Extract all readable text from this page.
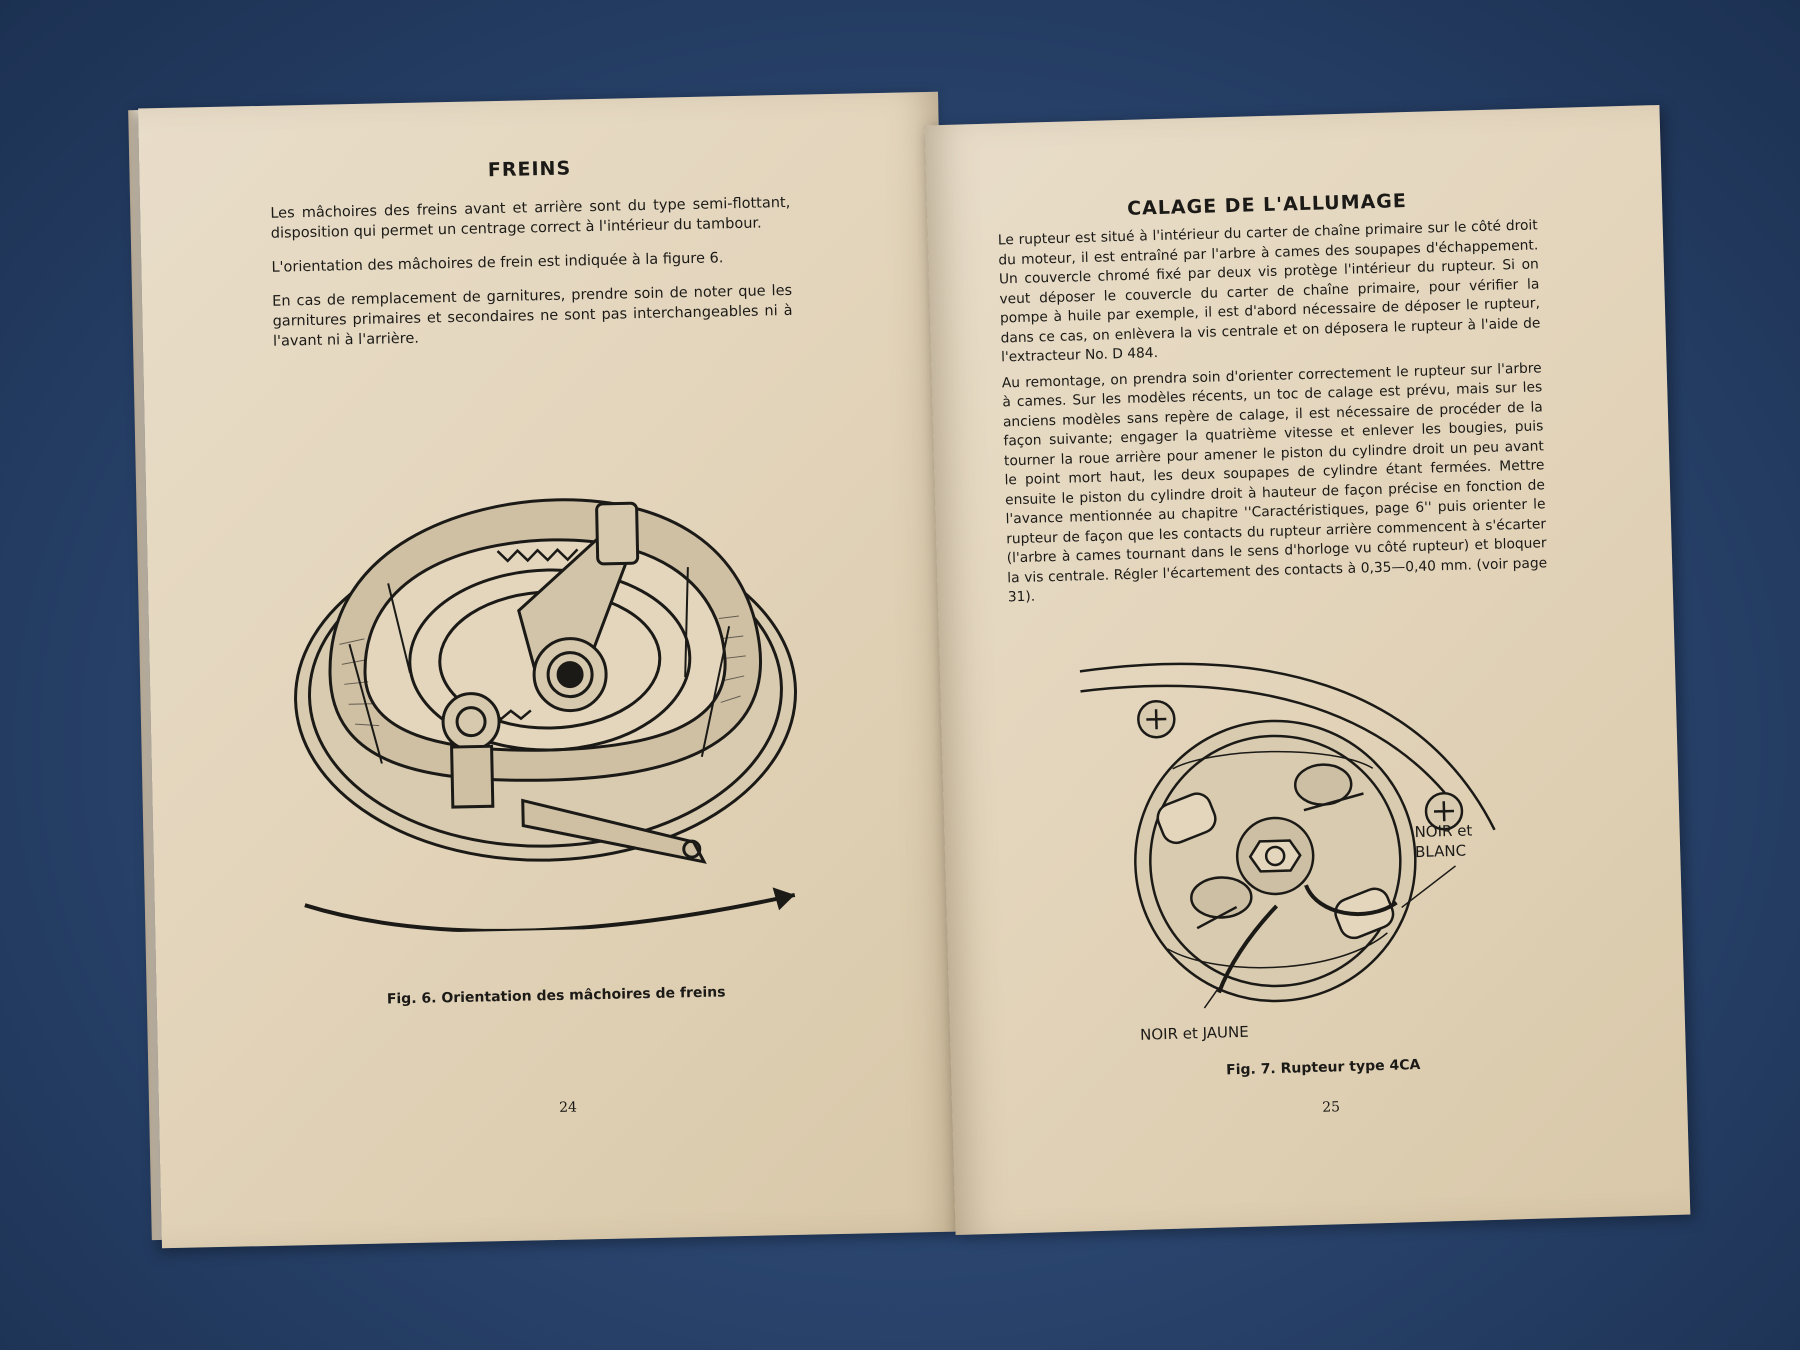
FREINS

Les mâchoires des freins avant et arrière sont du type semi-flottant, disposition qui permet un centrage correct à l'intérieur du tambour.

L'orientation des mâchoires de frein est indiquée à la figure 6.

En cas de remplacement de garnitures, prendre soin de noter que les garnitures primaires et secondaires ne sont pas interchangeables ni à l'avant ni à l'arrière.

Fig. 6. Orientation des mâchoires de freins
24
CALAGE DE L'ALLUMAGE

Le rupteur est situé à l'intérieur du carter de chaîne primaire sur le côté droit du moteur, il est entraîné par l'arbre à cames des soupapes d'échappement. Un couvercle chromé fixé par deux vis protège l'intérieur du rupteur. Si on veut déposer le couvercle du carter de chaîne primaire, pour vérifier la pompe à huile par exemple, il est d'abord nécessaire de déposer le rupteur, dans ce cas, on enlèvera la vis centrale et on déposera le rupteur à l'aide de l'extracteur No. D 484.

Au remontage, on prendra soin d'orienter correctement le rupteur sur l'arbre à cames. Sur les modèles récents, un toc de calage est prévu, mais sur les anciens modèles sans repère de calage, il est nécessaire de procéder de la façon suivante; engager la quatrième vitesse et enlever les bougies, puis tourner la roue arrière pour amener le piston du cylindre droit un peu avant le point mort haut, les deux soupapes de cylindre étant fermées. Mettre ensuite le piston du cylindre droit à hauteur de façon précise en fonction de l'avance mentionnée au chapitre ''Caractéristiques, page 6'' puis orienter le rupteur de façon que les contacts du rupteur arrière commencent à s'écarter (l'arbre à cames tournant dans le sens d'horloge vu côté rupteur) et bloquer la vis centrale. Régler l'écartement des contacts à 0,35—0,40 mm. (voir page 31).

NOIR et
BLANC
NOIR et JAUNE
Fig. 7. Rupteur type 4CA
25
